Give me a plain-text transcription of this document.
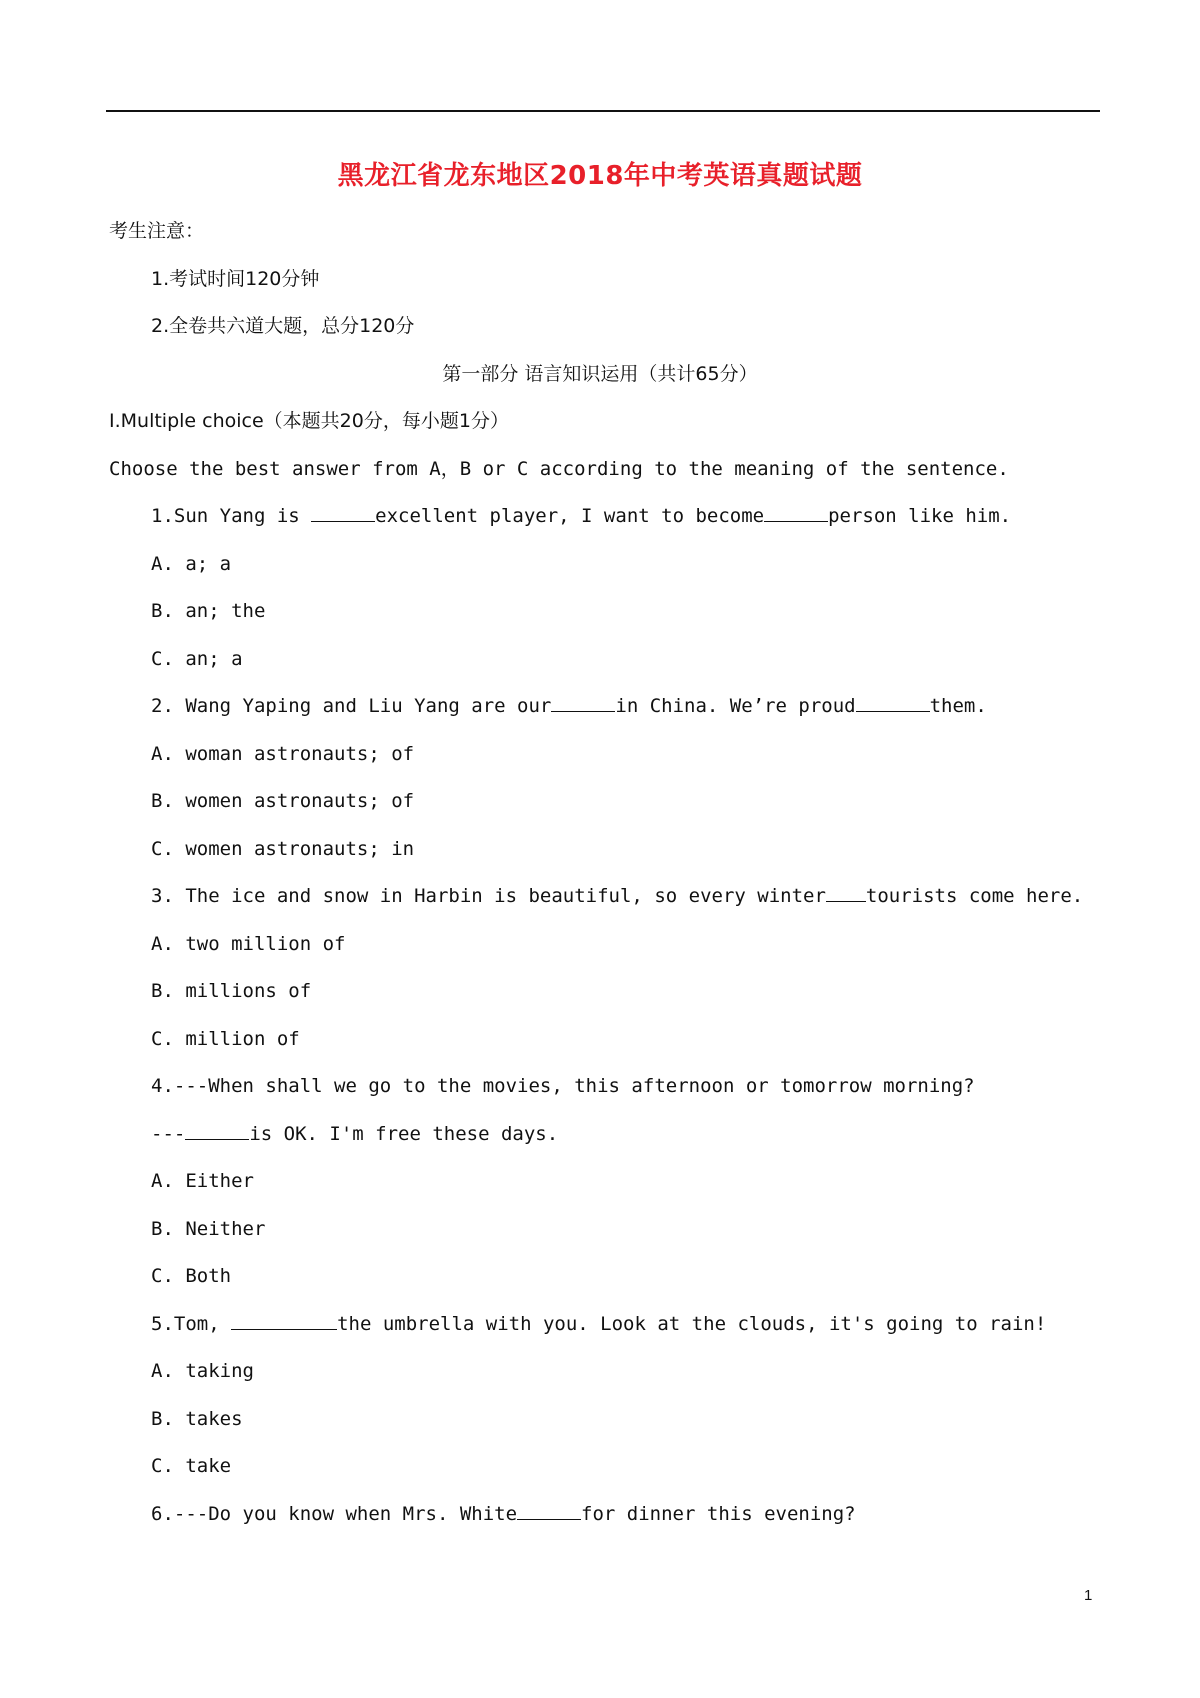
黑龙江省龙东地区2018年中考英语真题试题
考生注意：
1.考试时间120分钟
2.全卷共六道大题，总分120分
第一部分 语言知识运用（共计65分）
Ⅰ.Multiple choice（本题共20分，每小题1分）
Choose the best answer from A，B or C according to the meaning of the sentence.
1.Sun Yang is	excellent player, I want to become	person like him.
A. a; a
B. an; the
C. an; a
2. Wang Yaping and Liu Yang are our	in China. We’re proud	them.
A. woman astronauts; of
B. women astronauts; of
C. women astronauts; in
3. The ice and snow in Harbin is beautiful, so every winter tourists come here.
A. two million of
B. millions of
C. million of
4.---When shall we go to the movies, this afternoon or tomorrow morning?
---	is OK. I'm free these days.
A. Either
B. Neither
C. Both
5.Tom,	the umbrella with you. Look at the clouds, it's going to rain!
A. taking
B. takes
C. take
6.---Do you know when Mrs. White	for dinner this evening?
1
